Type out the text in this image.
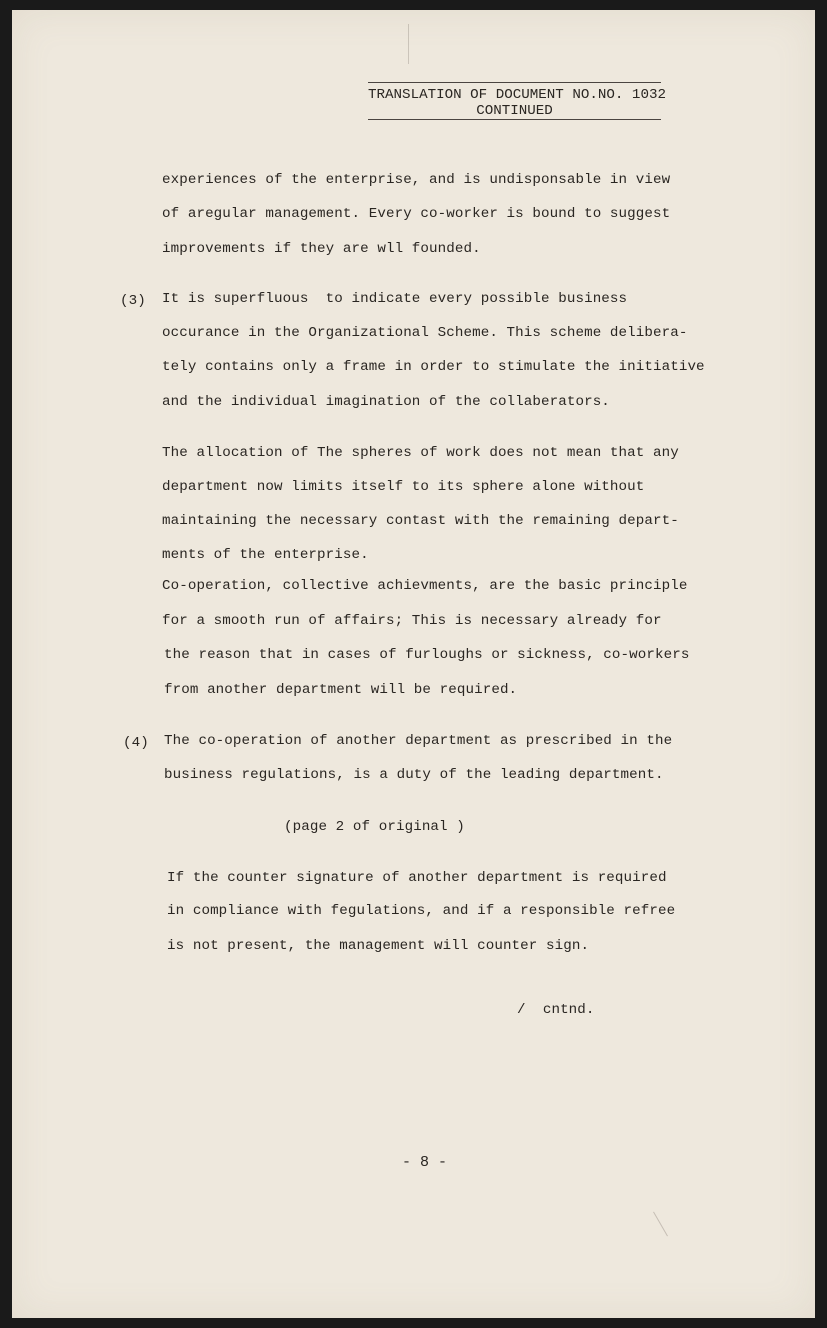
TRANSLATION OF DOCUMENT NO.NO. 1032
CONTINUED
experiences of the enterprise, and is undisponsable in view
of aregular management. Every co-worker is bound to suggest
improvements if they are wll founded.
(3) It is superfluous  to indicate every possible business
occurance in the Organizational Scheme. This scheme delibera-
tely contains only a frame in order to stimulate the initiative
and the individual imagination of the collaberators.
The allocation of The spheres of work does not mean that any
department now limits itself to its sphere alone without
maintaining the necessary contast with the remaining depart-
ments of the enterprise.
Co-operation, collective achievments, are the basic principle
for a smooth run of affairs; This is necessary already for
the reason that in cases of furloughs or sickness, co-workers
from another department will be required.
(4) The co-operation of another department as prescribed in the
business regulations, is a duty of the leading department.
(page 2 of original )
If the counter signature of another department is required
in compliance with fegulations, and if a responsible refree
is not present, the management will counter sign.
/  cntnd.
- 8 -
